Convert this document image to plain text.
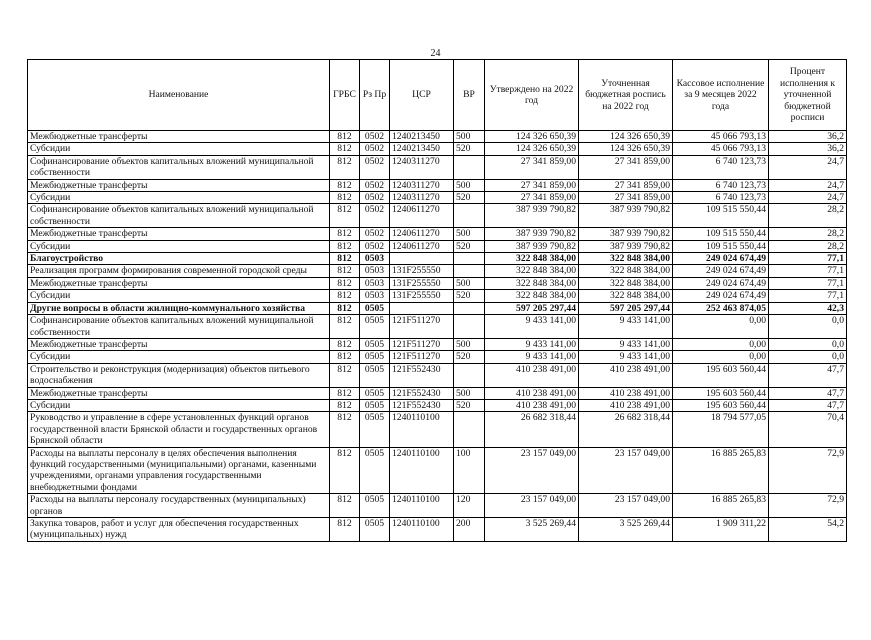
24
Наименование	ГРБС	Рз Пр	ЦСР	ВР	Утверждено на 2022 год	Уточненная бюджетная роспись на 2022 год	Кассовое исполнение за 9 месяцев 2022 года	Процент исполнения к уточненной бюджетной росписи
Межбюджетные трансферты	812	0502	1240213450	500	124 326 650,39	124 326 650,39	45 066 793,13	36,2
Субсидии	812	0502	1240213450	520	124 326 650,39	124 326 650,39	45 066 793,13	36,2
Софинансирование объектов капитальных вложений муниципальной собственности	812	0502	1240311270		27 341 859,00	27 341 859,00	6 740 123,73	24,7
Межбюджетные трансферты	812	0502	1240311270	500	27 341 859,00	27 341 859,00	6 740 123,73	24,7
Субсидии	812	0502	1240311270	520	27 341 859,00	27 341 859,00	6 740 123,73	24,7
Софинансирование объектов капитальных вложений муниципальной собственности	812	0502	1240611270		387 939 790,82	387 939 790,82	109 515 550,44	28,2
Межбюджетные трансферты	812	0502	1240611270	500	387 939 790,82	387 939 790,82	109 515 550,44	28,2
Субсидии	812	0502	1240611270	520	387 939 790,82	387 939 790,82	109 515 550,44	28,2
Благоустройство	812	0503			322 848 384,00	322 848 384,00	249 024 674,49	77,1
Реализация программ формирования современной городской среды	812	0503	131F255550		322 848 384,00	322 848 384,00	249 024 674,49	77,1
Межбюджетные трансферты	812	0503	131F255550	500	322 848 384,00	322 848 384,00	249 024 674,49	77,1
Субсидии	812	0503	131F255550	520	322 848 384,00	322 848 384,00	249 024 674,49	77,1
Другие вопросы в области жилищно-коммунального хозяйства	812	0505			597 205 297,44	597 205 297,44	252 463 874,05	42,3
Софинансирование объектов капитальных вложений муниципальной собственности	812	0505	121F511270		9 433 141,00	9 433 141,00	0,00	0,0
Межбюджетные трансферты	812	0505	121F511270	500	9 433 141,00	9 433 141,00	0,00	0,0
Субсидии	812	0505	121F511270	520	9 433 141,00	9 433 141,00	0,00	0,0
Строительство и реконструкция (модернизация) объектов питьевого водоснабжения	812	0505	121F552430		410 238 491,00	410 238 491,00	195 603 560,44	47,7
Межбюджетные трансферты	812	0505	121F552430	500	410 238 491,00	410 238 491,00	195 603 560,44	47,7
Субсидии	812	0505	121F552430	520	410 238 491,00	410 238 491,00	195 603 560,44	47,7
Руководство и управление в сфере установленных функций органов государственной власти Брянской области и государственных органов Брянской области	812	0505	1240110100		26 682 318,44	26 682 318,44	18 794 577,05	70,4
Расходы на выплаты персоналу в целях обеспечения выполнения функций государственными (муниципальными) органами, казенными учреждениями, органами управления государственными внебюджетными фондами	812	0505	1240110100	100	23 157 049,00	23 157 049,00	16 885 265,83	72,9
Расходы на выплаты персоналу государственных (муниципальных) органов	812	0505	1240110100	120	23 157 049,00	23 157 049,00	16 885 265,83	72,9
Закупка товаров, работ и услуг для обеспечения государственных (муниципальных) нужд	812	0505	1240110100	200	3 525 269,44	3 525 269,44	1 909 311,22	54,2
